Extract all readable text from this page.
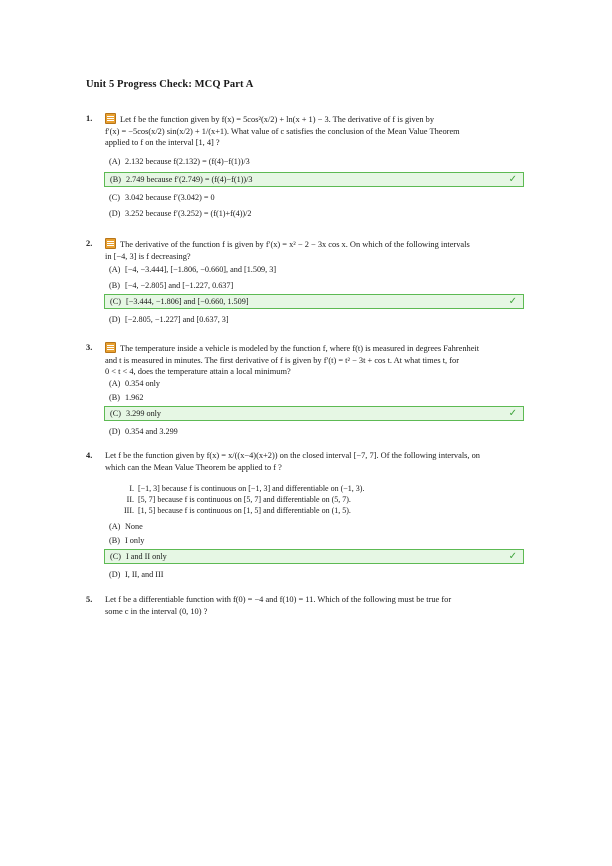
Unit 5 Progress Check: MCQ Part A
1.	Let f be the function given by f(x) = 5cos²(x/2) + ln(x + 1) − 3. The derivative of f is given by
f′(x) = −5cos(x/2) sin(x/2) + 1/(x+1). What value of c satisfies the conclusion of the Mean Value Theorem
applied to f on the interval [1, 4] ?
(A) 2.132 because f(2.132) = (f(4)−f(1))/3
(B) 2.749 because f′(2.749) = (f(4)−f(1))/3	✓
(C) 3.042 because f′(3.042) = 0
(D) 3.252 because f′(3.252) = (f(1)+f(4))/2
2.	The derivative of the function f is given by f′(x) = x² − 2 − 3x cos x. On which of the following intervals
in [−4, 3] is f decreasing?
(A) [−4, −3.444], [−1.806, −0.660], and [1.509, 3]
(B) [−4, −2.805] and [−1.227, 0.637]
(C) [−3.444, −1.806] and [−0.660, 1.509]	✓
(D) [−2.805, −1.227] and [0.637, 3]
3.	The temperature inside a vehicle is modeled by the function f, where f(t) is measured in degrees Fahrenheit
and t is measured in minutes. The first derivative of f is given by f′(t) = t² − 3t + cos t. At what times t, for
0 < t < 4, does the temperature attain a local minimum?
(A) 0.354 only
(B) 1.962
(C) 3.299 only	✓
(D) 0.354 and 3.299
4. Let f be the function given by f(x) = x/((x−4)(x+2)) on the closed interval [−7, 7]. Of the following intervals, on
which can the Mean Value Theorem be applied to f ?
I. [−1, 3] because f is continuous on [−1, 3] and differentiable on (−1, 3).
II. [5, 7] because f is continuous on [5, 7] and differentiable on (5, 7).
III. [1, 5] because f is continuous on [1, 5] and differentiable on (1, 5).
(A) None
(B) I only
(C) I and II only	✓
(D) I, II, and III
5. Let f be a differentiable function with f(0) = −4 and f(10) = 11. Which of the following must be true for
some c in the interval (0, 10) ?
